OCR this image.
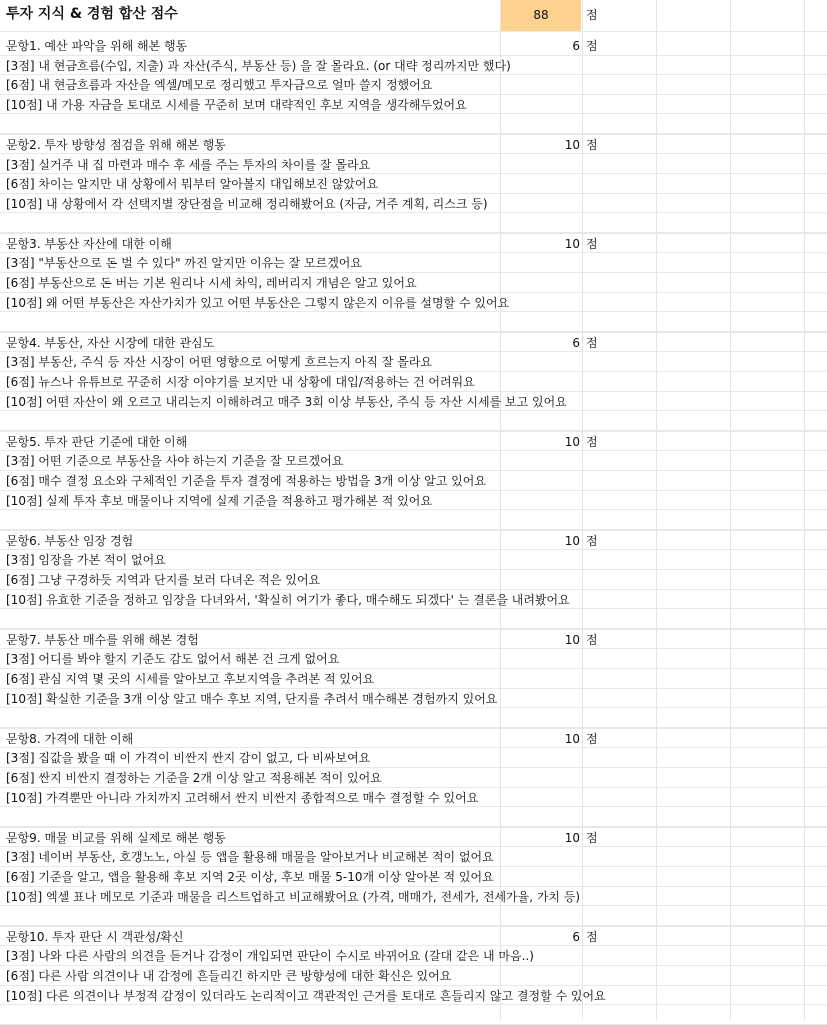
투자 지식 & 경험 합산 점수	88	점
문항1. 예산 파악을 위해 해본 행동	6 점
[3점] 내 현금흐름(수입, 지출) 과 자산(주식, 부동산 등) 을 잘 몰라요. (or 대략 정리까지만 했다)
[6점] 내 현금흐름과 자산을 엑셀/메모로 정리했고 투자금으로 얼마 쓸지 정했어요
[10점] 내 가용 자금을 토대로 시세를 꾸준히 보며 대략적인 후보 지역을 생각해두었어요
문항2. 투자 방향성 점검을 위해 해본 행동	10 점
[3점] 실거주 내 집 마련과 매수 후 세를 주는 투자의 차이를 잘 몰라요
[6점] 차이는 알지만 내 상황에서 뭐부터 알아볼지 대입해보진 않았어요
[10점] 내 상황에서 각 선택지별 장단점을 비교해 정리해봤어요 (자금, 거주 계획, 리스크 등)
문항3. 부동산 자산에 대한 이해	10 점
[3점] "부동산으로 돈 벌 수 있다" 까진 알지만 이유는 잘 모르겠어요
[6점] 부동산으로 돈 버는 기본 원리나 시세 차익, 레버리지 개념은 알고 있어요
[10점] 왜 어떤 부동산은 자산가치가 있고 어떤 부동산은 그렇지 않은지 이유를 설명할 수 있어요
문항4. 부동산, 자산 시장에 대한 관심도	6 점
[3점] 부동산, 주식 등 자산 시장이 어떤 영향으로 어떻게 흐르는지 아직 잘 몰라요
[6점] 뉴스나 유튜브로 꾸준히 시장 이야기를 보지만 내 상황에 대입/적용하는 건 어려워요
[10점] 어떤 자산이 왜 오르고 내리는지 이해하려고 매주 3회 이상 부동산, 주식 등 자산 시세를 보고 있어요
문항5. 투자 판단 기준에 대한 이해	10 점
[3점] 어떤 기준으로 부동산을 사야 하는지 기준을 잘 모르겠어요
[6점] 매수 결정 요소와 구체적인 기준을 투자 결정에 적용하는 방법을 3개 이상 알고 있어요
[10점] 실제 투자 후보 매물이나 지역에 실제 기준을 적용하고 평가해본 적 있어요
문항6. 부동산 임장 경험	10 점
[3점] 임장을 가본 적이 없어요
[6점] 그냥 구경하듯 지역과 단지를 보러 다녀온 적은 있어요
[10점] 유효한 기준을 정하고 임장을 다녀와서, '확실히 여기가 좋다, 매수해도 되겠다' 는 결론을 내려봤어요
문항7. 부동산 매수를 위해 해본 경험	10 점
[3점] 어디를 봐야 할지 기준도 감도 없어서 해본 건 크게 없어요
[6점] 관심 지역 몇 곳의 시세를 알아보고 후보지역을 추려본 적 있어요
[10점] 확실한 기준을 3개 이상 알고 매수 후보 지역, 단지를 추려서 매수해본 경험까지 있어요
문항8. 가격에 대한 이해	10 점
[3점] 집값을 봤을 때 이 가격이 비싼지 싼지 감이 없고, 다 비싸보여요
[6점] 싼지 비싼지 결정하는 기준을 2개 이상 알고 적용해본 적이 있어요
[10점] 가격뿐만 아니라 가치까지 고려해서 싼지 비싼지 종합적으로 매수 결정할 수 있어요
문항9. 매물 비교를 위해 실제로 해본 행동	10 점
[3점] 네이버 부동산, 호갱노노, 아실 등 앱을 활용해 매물을 알아보거나 비교해본 적이 없어요
[6점] 기준을 알고, 앱을 활용해 후보 지역 2곳 이상, 후보 매물 5-10개 이상 알아본 적 있어요
[10점] 엑셀 표나 메모로 기준과 매물을 리스트업하고 비교해봤어요 (가격, 매매가, 전세가, 전세가율, 가치 등)
문항10. 투자 판단 시 객관성/확신	6 점
[3점] 나와 다른 사람의 의견을 듣거나 감정이 개입되면 판단이 수시로 바뀌어요 (갈대 같은 내 마음..)
[6점] 다른 사람 의견이나 내 감정에 흔들리긴 하지만 큰 방향성에 대한 확신은 있어요
[10점] 다른 의견이나 부정적 감정이 있더라도 논리적이고 객관적인 근거를 토대로 흔들리지 않고 결정할 수 있어요
